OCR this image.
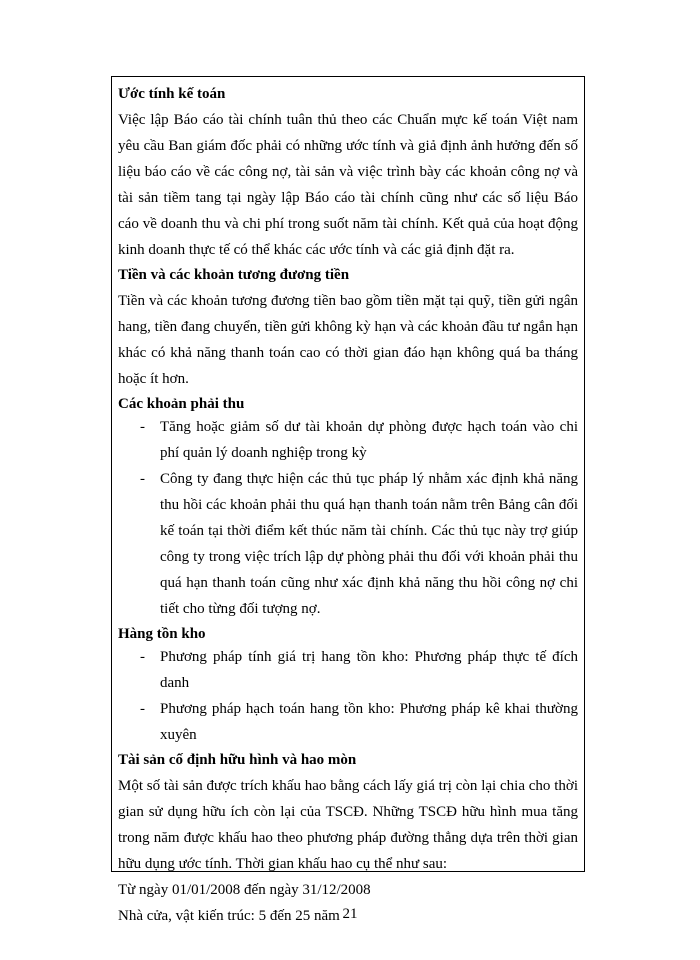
Ước tính kế toán

Việc lập Báo cáo tài chính tuân thủ theo các Chuẩn mực kế toán Việt nam yêu cầu Ban giám đốc phải có những ước tính và giả định ảnh hưởng đến số liệu báo cáo về các công nợ, tài sản và việc trình bày các khoản công nợ và tài sản tiềm tang tại ngày lập Báo cáo tài chính cũng như các số liệu Báo cáo về doanh thu và chi phí trong suốt năm tài chính. Kết quả của hoạt động kinh doanh thực tế có thể khác các ước tính và các giả định đặt ra.

Tiền và các khoản tương đương tiền

Tiền và các khoản tương đương tiền bao gồm tiền mặt tại quỹ, tiền gửi ngân hang, tiền đang chuyển, tiền gửi không kỳ hạn và các khoản đầu tư ngắn hạn khác có khả năng thanh toán cao có thời gian đáo hạn không quá ba tháng hoặc ít hơn.

Các khoản phải thu

- Tăng hoặc giảm số dư tài khoản dự phòng được hạch toán vào chi phí quản lý doanh nghiệp trong kỳ
- Công ty đang thực hiện các thủ tục pháp lý nhằm xác định khả năng thu hồi các khoản phải thu quá hạn thanh toán nằm trên Bảng cân đối kế toán tại thời điểm kết thúc năm tài chính. Các thủ tục này trợ giúp công ty trong việc trích lập dự phòng phải thu đối với khoản phải thu quá hạn thanh toán cũng như xác định khả năng thu hồi công nợ chi tiết cho từng đối tượng nợ.

Hàng tồn kho

- Phương pháp tính giá trị hang tồn kho: Phương pháp thực tế đích danh
- Phương pháp hạch toán hang tồn kho: Phương pháp kê khai thường xuyên

Tài sản cố định hữu hình và hao mòn

Một số tài sản được trích khấu hao bằng cách lấy giá trị còn lại chia cho thời gian sử dụng hữu ích còn lại của TSCĐ. Những TSCĐ hữu hình mua tăng trong năm được khấu hao theo phương pháp đường thẳng dựa trên thời gian hữu dụng ước tính. Thời gian khấu hao cụ thể như sau:

Từ ngày 01/01/2008 đến ngày 31/12/2008

Nhà cửa, vật kiến trúc: 5 đến 25 năm 21
